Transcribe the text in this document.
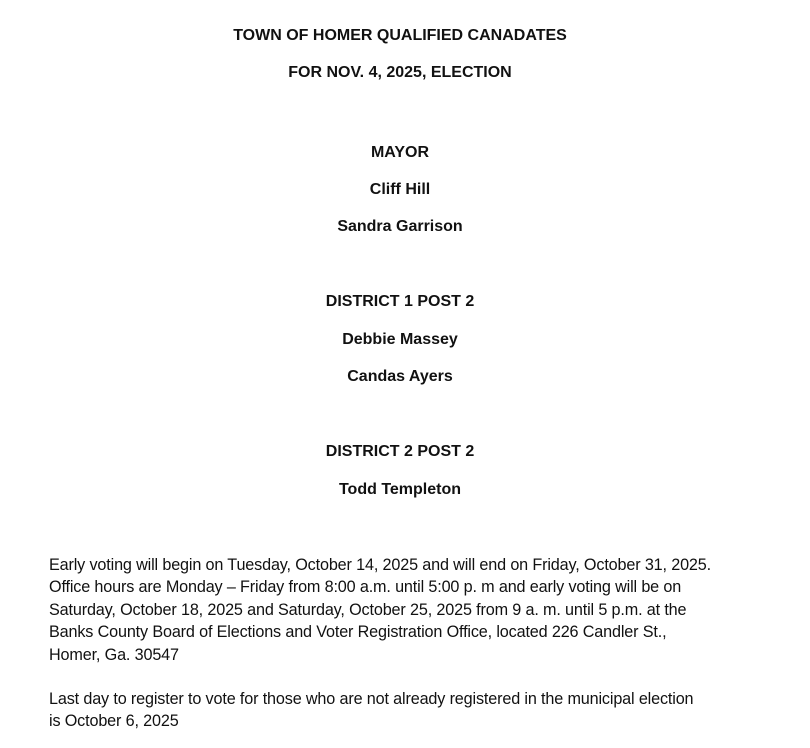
TOWN OF HOMER QUALIFIED CANADATES
FOR NOV. 4, 2025, ELECTION
MAYOR
Cliff Hill
Sandra Garrison
DISTRICT 1 POST 2
Debbie Massey
Candas Ayers
DISTRICT 2 POST 2
Todd Templeton
Early voting will begin on Tuesday, October 14, 2025 and will end on Friday, October 31, 2025.
Office hours are Monday – Friday from 8:00 a.m. until 5:00 p. m and early voting will be on
Saturday, October 18, 2025 and Saturday, October 25, 2025 from 9 a. m. until 5 p.m. at the
Banks County Board of Elections and Voter Registration Office, located 226 Candler St.,
Homer, Ga. 30547
Last day to register to vote for those who are not already registered in the municipal election
is October 6, 2025
